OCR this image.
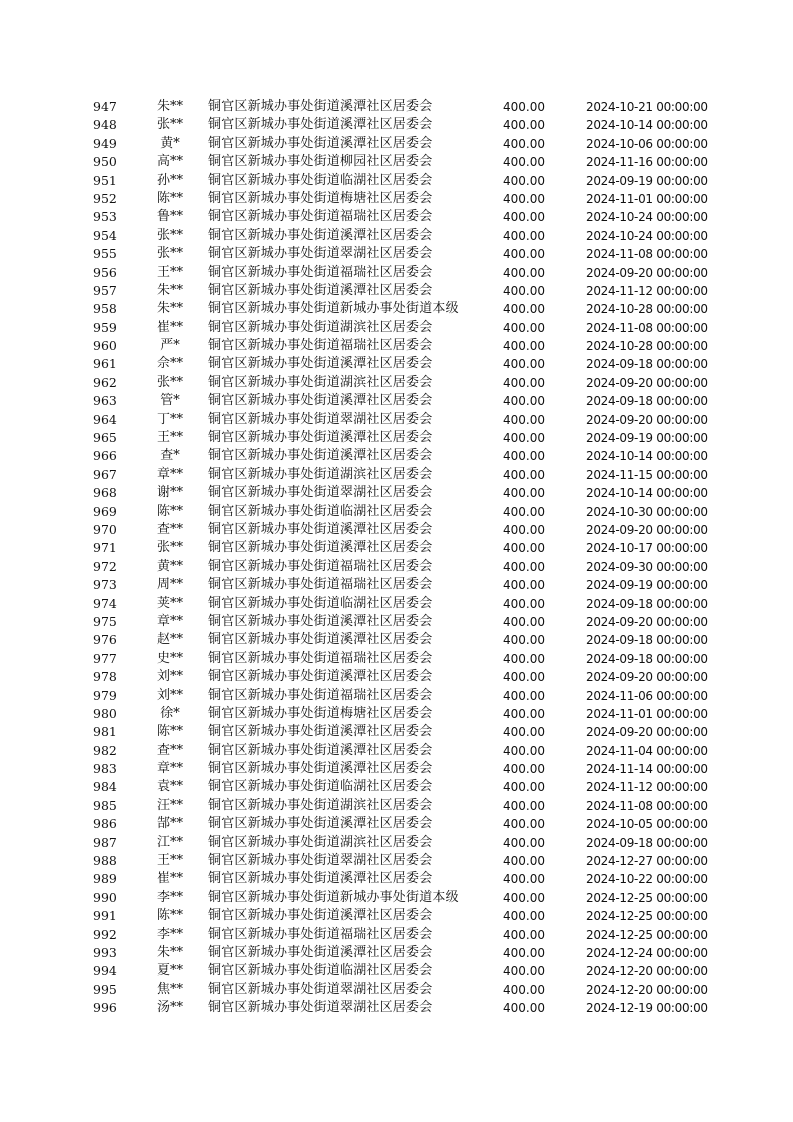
947	朱**	铜官区新城办事处街道溪潭社区居委会	400.00	2024-10-21 00:00:00
948	张**	铜官区新城办事处街道溪潭社区居委会	400.00	2024-10-14 00:00:00
949	黄*	铜官区新城办事处街道溪潭社区居委会	400.00	2024-10-06 00:00:00
950	高**	铜官区新城办事处街道柳园社区居委会	400.00	2024-11-16 00:00:00
951	孙**	铜官区新城办事处街道临湖社区居委会	400.00	2024-09-19 00:00:00
952	陈**	铜官区新城办事处街道梅塘社区居委会	400.00	2024-11-01 00:00:00
953	鲁**	铜官区新城办事处街道福瑞社区居委会	400.00	2024-10-24 00:00:00
954	张**	铜官区新城办事处街道溪潭社区居委会	400.00	2024-10-24 00:00:00
955	张**	铜官区新城办事处街道翠湖社区居委会	400.00	2024-11-08 00:00:00
956	王**	铜官区新城办事处街道福瑞社区居委会	400.00	2024-09-20 00:00:00
957	朱**	铜官区新城办事处街道溪潭社区居委会	400.00	2024-11-12 00:00:00
958	朱**	铜官区新城办事处街道新城办事处街道本级	400.00	2024-10-28 00:00:00
959	崔**	铜官区新城办事处街道湖滨社区居委会	400.00	2024-11-08 00:00:00
960	严*	铜官区新城办事处街道福瑞社区居委会	400.00	2024-10-28 00:00:00
961	佘**	铜官区新城办事处街道溪潭社区居委会	400.00	2024-09-18 00:00:00
962	张**	铜官区新城办事处街道湖滨社区居委会	400.00	2024-09-20 00:00:00
963	管*	铜官区新城办事处街道溪潭社区居委会	400.00	2024-09-18 00:00:00
964	丁**	铜官区新城办事处街道翠湖社区居委会	400.00	2024-09-20 00:00:00
965	王**	铜官区新城办事处街道溪潭社区居委会	400.00	2024-09-19 00:00:00
966	查*	铜官区新城办事处街道溪潭社区居委会	400.00	2024-10-14 00:00:00
967	章**	铜官区新城办事处街道湖滨社区居委会	400.00	2024-11-15 00:00:00
968	谢**	铜官区新城办事处街道翠湖社区居委会	400.00	2024-10-14 00:00:00
969	陈**	铜官区新城办事处街道临湖社区居委会	400.00	2024-10-30 00:00:00
970	查**	铜官区新城办事处街道溪潭社区居委会	400.00	2024-09-20 00:00:00
971	张**	铜官区新城办事处街道溪潭社区居委会	400.00	2024-10-17 00:00:00
972	黄**	铜官区新城办事处街道福瑞社区居委会	400.00	2024-09-30 00:00:00
973	周**	铜官区新城办事处街道福瑞社区居委会	400.00	2024-09-19 00:00:00
974	荚**	铜官区新城办事处街道临湖社区居委会	400.00	2024-09-18 00:00:00
975	章**	铜官区新城办事处街道溪潭社区居委会	400.00	2024-09-20 00:00:00
976	赵**	铜官区新城办事处街道溪潭社区居委会	400.00	2024-09-18 00:00:00
977	史**	铜官区新城办事处街道福瑞社区居委会	400.00	2024-09-18 00:00:00
978	刘**	铜官区新城办事处街道溪潭社区居委会	400.00	2024-09-20 00:00:00
979	刘**	铜官区新城办事处街道福瑞社区居委会	400.00	2024-11-06 00:00:00
980	徐*	铜官区新城办事处街道梅塘社区居委会	400.00	2024-11-01 00:00:00
981	陈**	铜官区新城办事处街道溪潭社区居委会	400.00	2024-09-20 00:00:00
982	查**	铜官区新城办事处街道溪潭社区居委会	400.00	2024-11-04 00:00:00
983	章**	铜官区新城办事处街道溪潭社区居委会	400.00	2024-11-14 00:00:00
984	袁**	铜官区新城办事处街道临湖社区居委会	400.00	2024-11-12 00:00:00
985	汪**	铜官区新城办事处街道湖滨社区居委会	400.00	2024-11-08 00:00:00
986	郜**	铜官区新城办事处街道溪潭社区居委会	400.00	2024-10-05 00:00:00
987	江**	铜官区新城办事处街道湖滨社区居委会	400.00	2024-09-18 00:00:00
988	王**	铜官区新城办事处街道翠湖社区居委会	400.00	2024-12-27 00:00:00
989	崔**	铜官区新城办事处街道溪潭社区居委会	400.00	2024-10-22 00:00:00
990	李**	铜官区新城办事处街道新城办事处街道本级	400.00	2024-12-25 00:00:00
991	陈**	铜官区新城办事处街道溪潭社区居委会	400.00	2024-12-25 00:00:00
992	李**	铜官区新城办事处街道福瑞社区居委会	400.00	2024-12-25 00:00:00
993	朱**	铜官区新城办事处街道溪潭社区居委会	400.00	2024-12-24 00:00:00
994	夏**	铜官区新城办事处街道临湖社区居委会	400.00	2024-12-20 00:00:00
995	焦**	铜官区新城办事处街道翠湖社区居委会	400.00	2024-12-20 00:00:00
996	汤**	铜官区新城办事处街道翠湖社区居委会	400.00	2024-12-19 00:00:00
